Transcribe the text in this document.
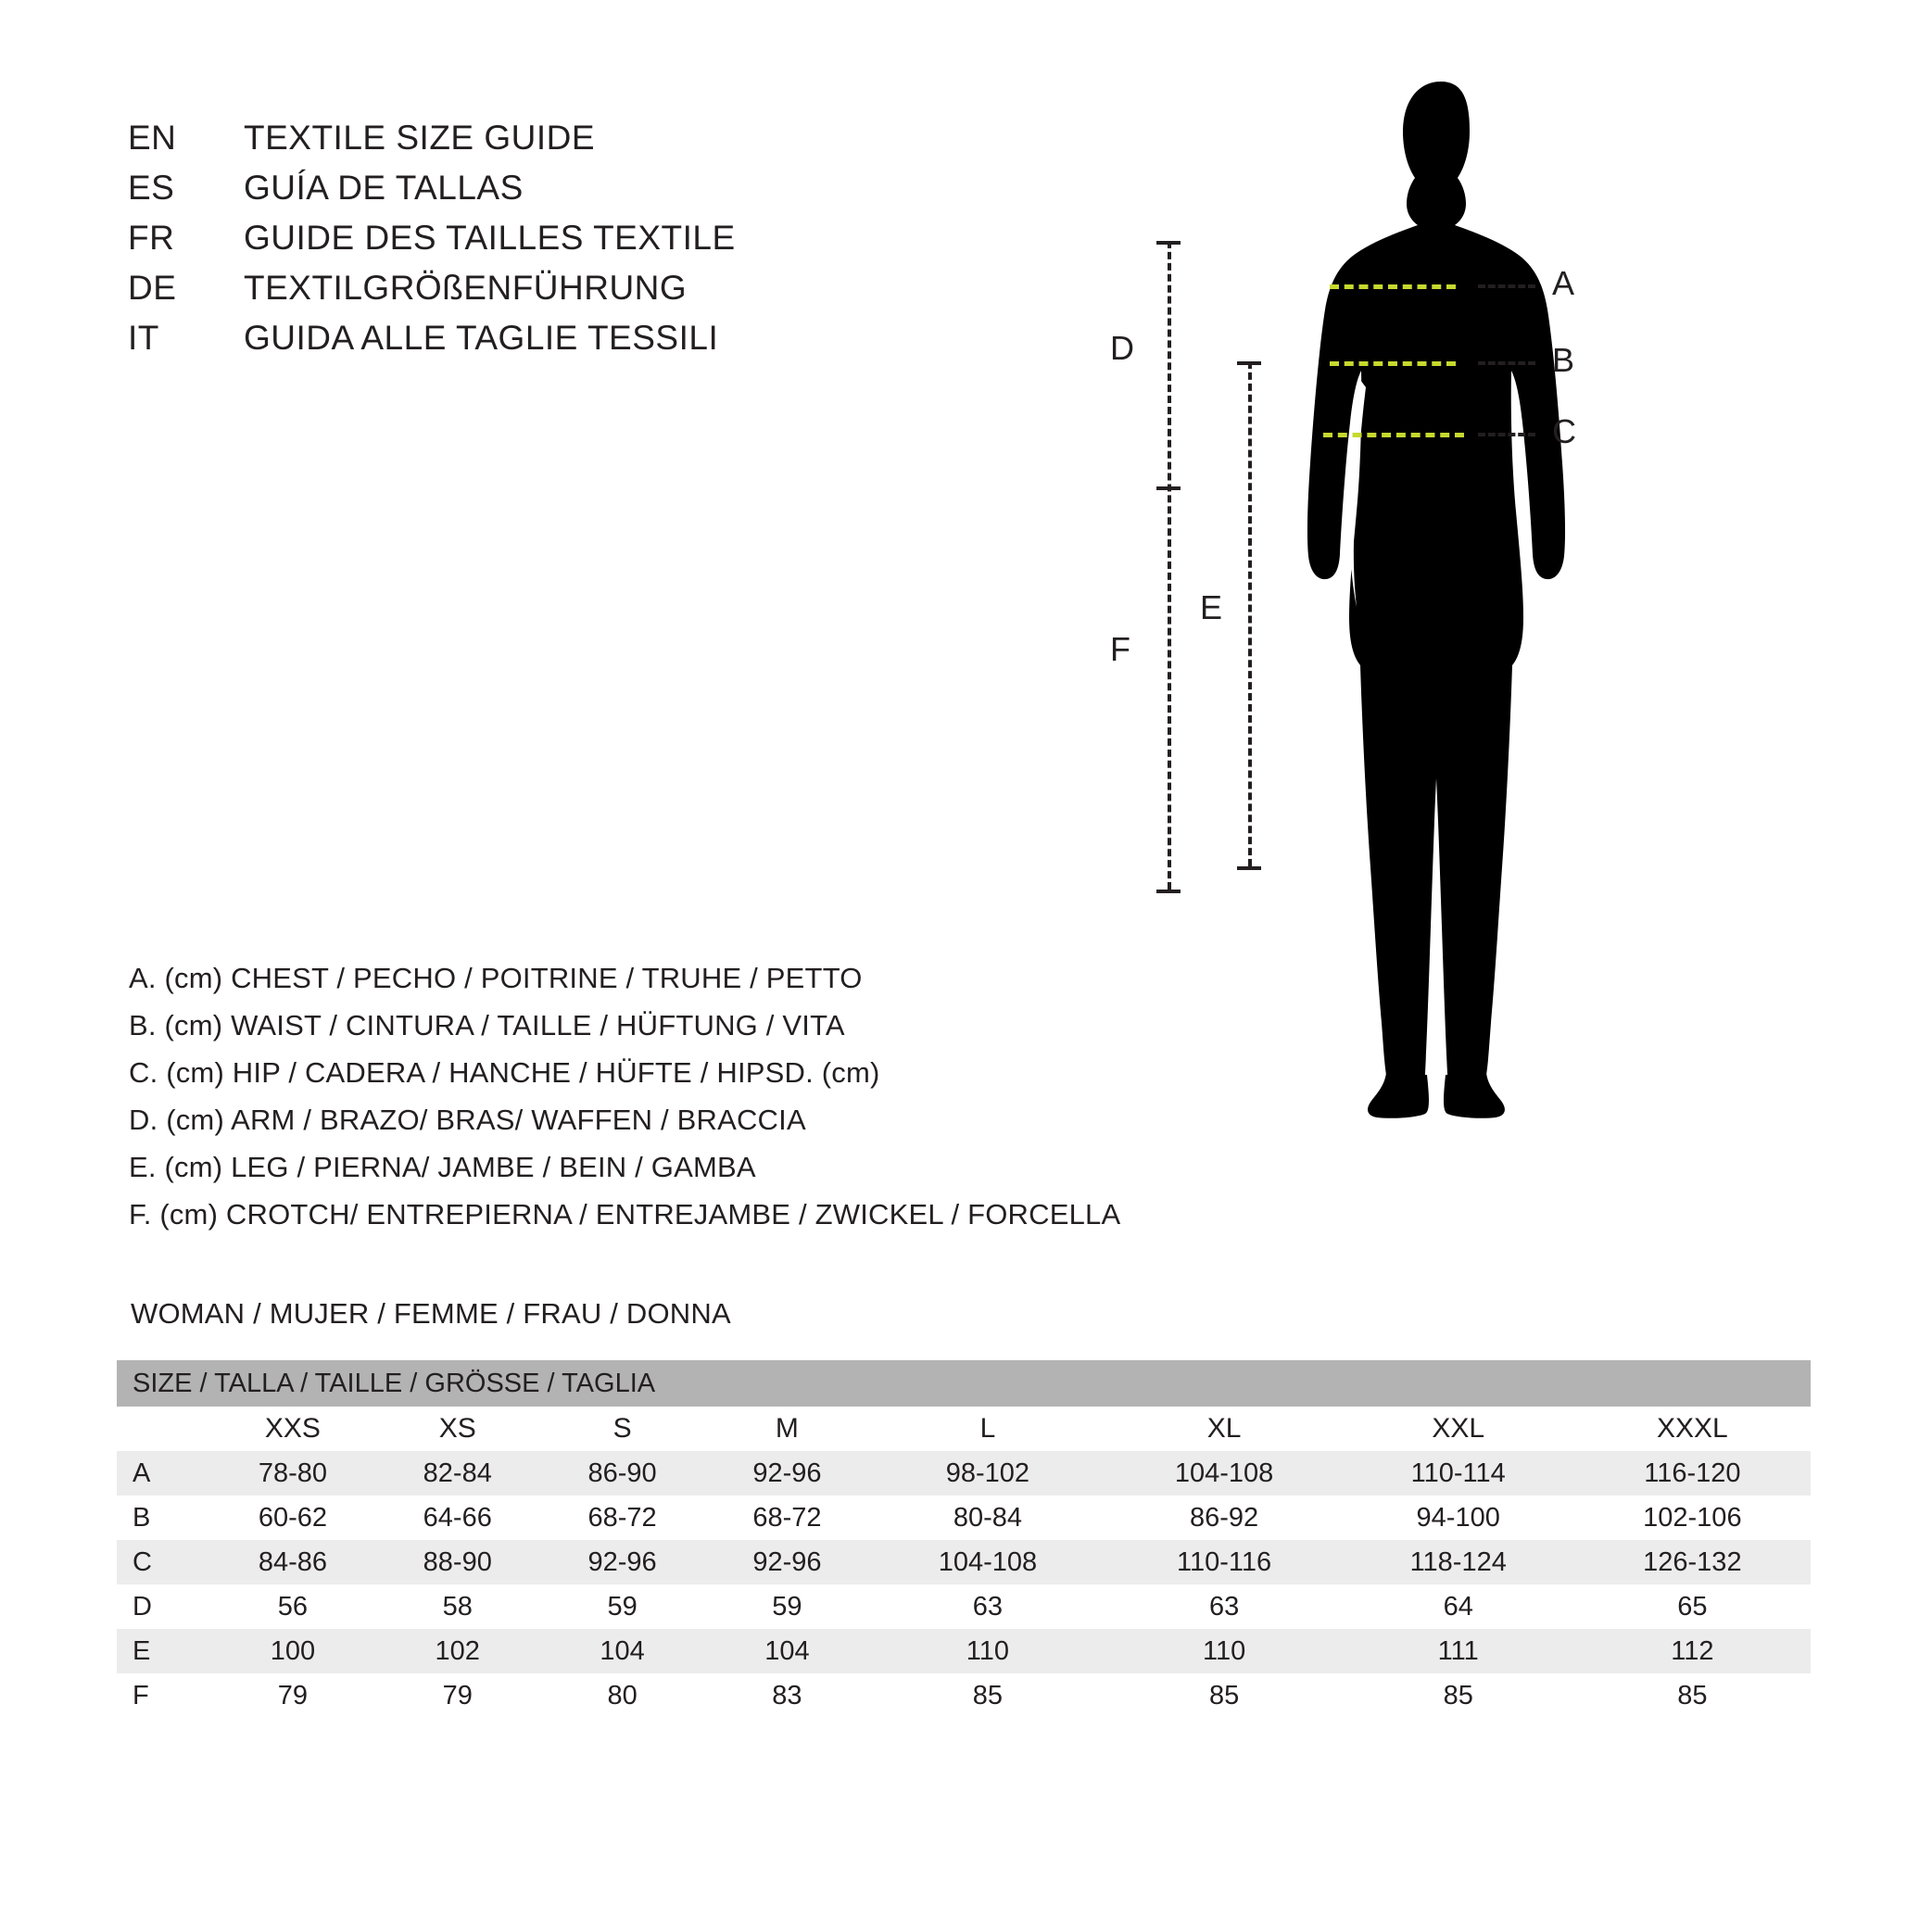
EN	TEXTILE SIZE GUIDE
ES	GUÍA DE TALLAS
FR	GUIDE DES TAILLES TEXTILE
DE	TEXTILGRÖßENFÜHRUNG
IT	GUIDA ALLE TAGLIE TESSILI
A
B
C
F
D
E
A. (cm) CHEST / PECHO / POITRINE / TRUHE / PETTO
B. (cm) WAIST / CINTURA / TAILLE / HÜFTUNG / VITA
C. (cm) HIP / CADERA / HANCHE / HÜFTE / HIPSD. (cm)
D. (cm) ARM / BRAZO/ BRAS/ WAFFEN / BRACCIA
E. (cm) LEG / PIERNA/ JAMBE / BEIN / GAMBA
F. (cm) CROTCH/ ENTREPIERNA / ENTREJAMBE / ZWICKEL / FORCELLA
WOMAN / MUJER / FEMME / FRAU / DONNA
SIZE / TALLA / TAILLE / GRÖSSE / TAGLIA								
	XXS	XS	S	M	L	XL	XXL	XXXL
A	78-80	82-84	86-90	92-96	98-102	104-108	110-114	116-120
B	60-62	64-66	68-72	68-72	80-84	86-92	94-100	102-106
C	84-86	88-90	92-96	92-96	104-108	110-116	118-124	126-132
D	56	58	59	59	63	63	64	65
E	100	102	104	104	110	110	111	112
F	79	79	80	83	85	85	85	85
